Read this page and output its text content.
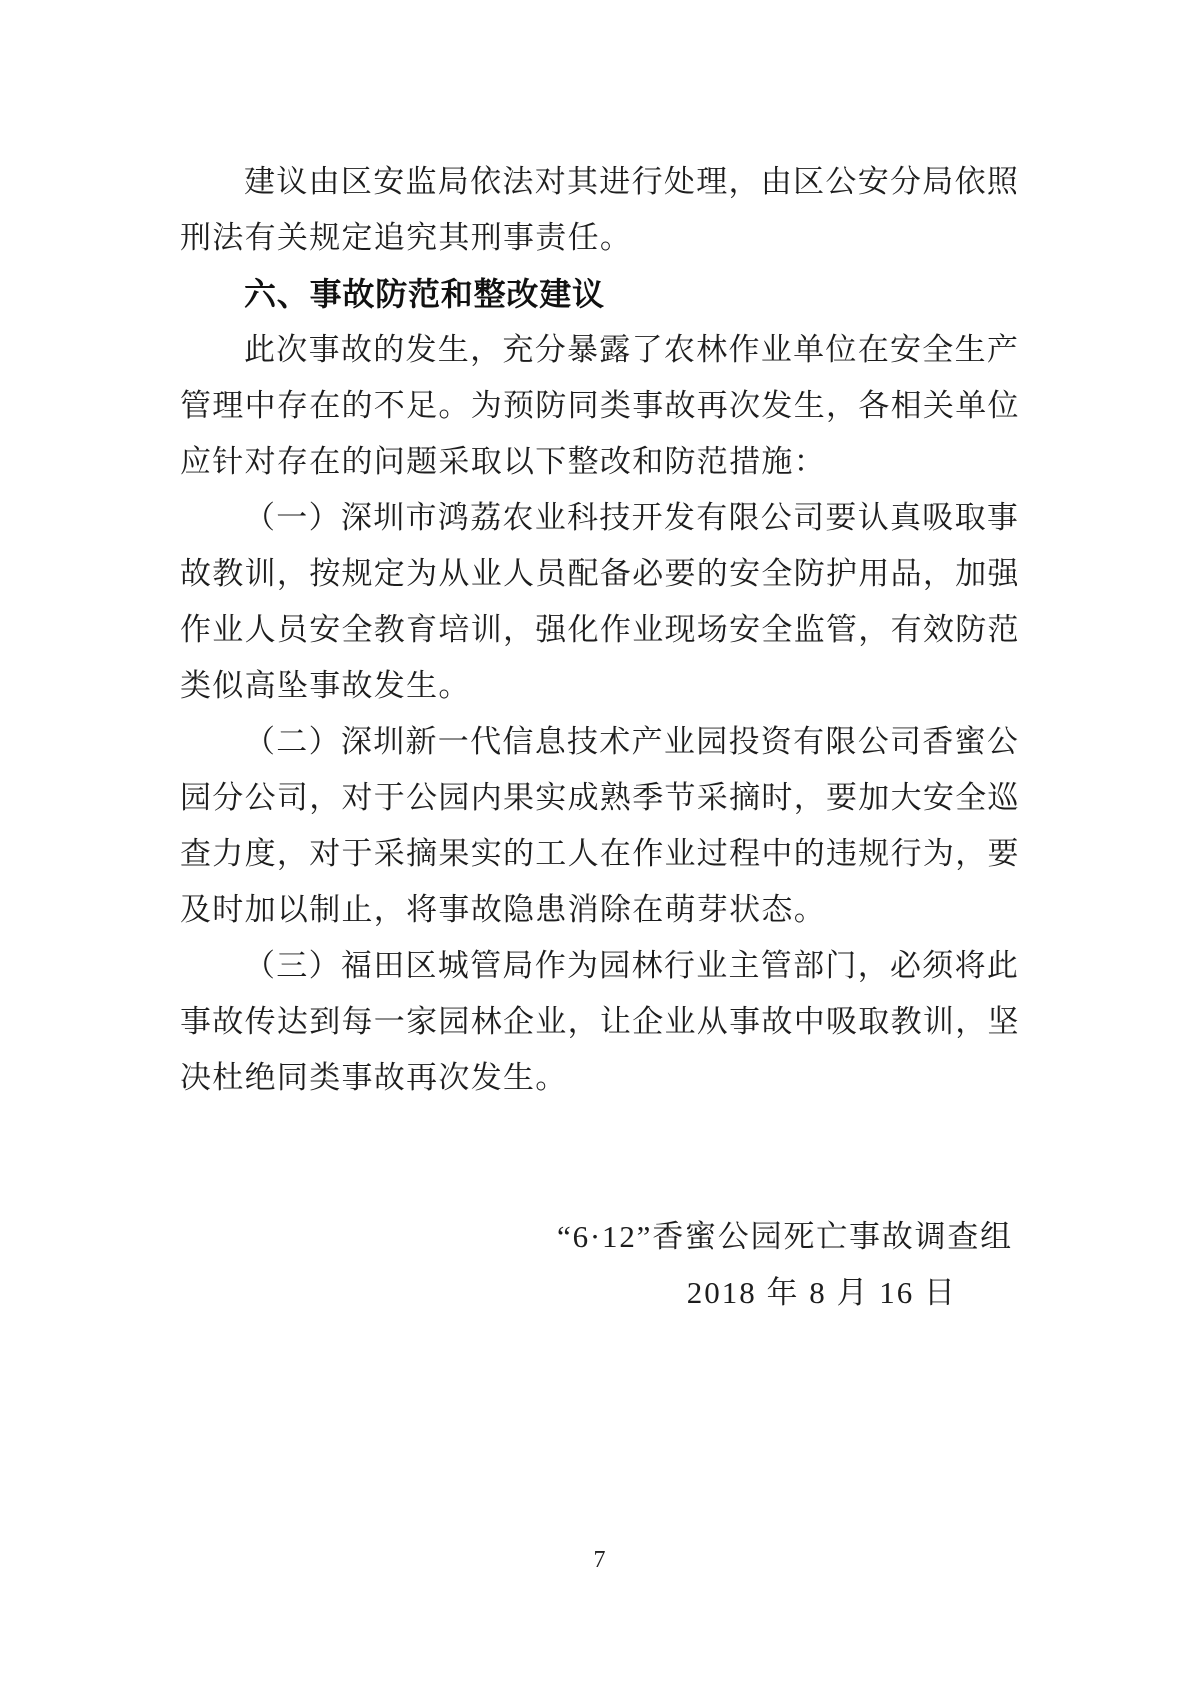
建议由区安监局依法对其进行处理，由区公安分局依照
刑法有关规定追究其刑事责任。

六、事故防范和整改建议

此次事故的发生，充分暴露了农林作业单位在安全生产
管理中存在的不足。为预防同类事故再次发生，各相关单位
应针对存在的问题采取以下整改和防范措施：

（一）深圳市鸿荔农业科技开发有限公司要认真吸取事
故教训，按规定为从业人员配备必要的安全防护用品，加强
作业人员安全教育培训，强化作业现场安全监管，有效防范
类似高坠事故发生。

（二）深圳新一代信息技术产业园投资有限公司香蜜公
园分公司，对于公园内果实成熟季节采摘时，要加大安全巡
查力度，对于采摘果实的工人在作业过程中的违规行为，要
及时加以制止，将事故隐患消除在萌芽状态。

（三）福田区城管局作为园林行业主管部门，必须将此
事故传达到每一家园林企业，让企业从事故中吸取教训，坚
决杜绝同类事故再次发生。

“6·12”香蜜公园死亡事故调查组
2018 年 8 月 16 日
7
